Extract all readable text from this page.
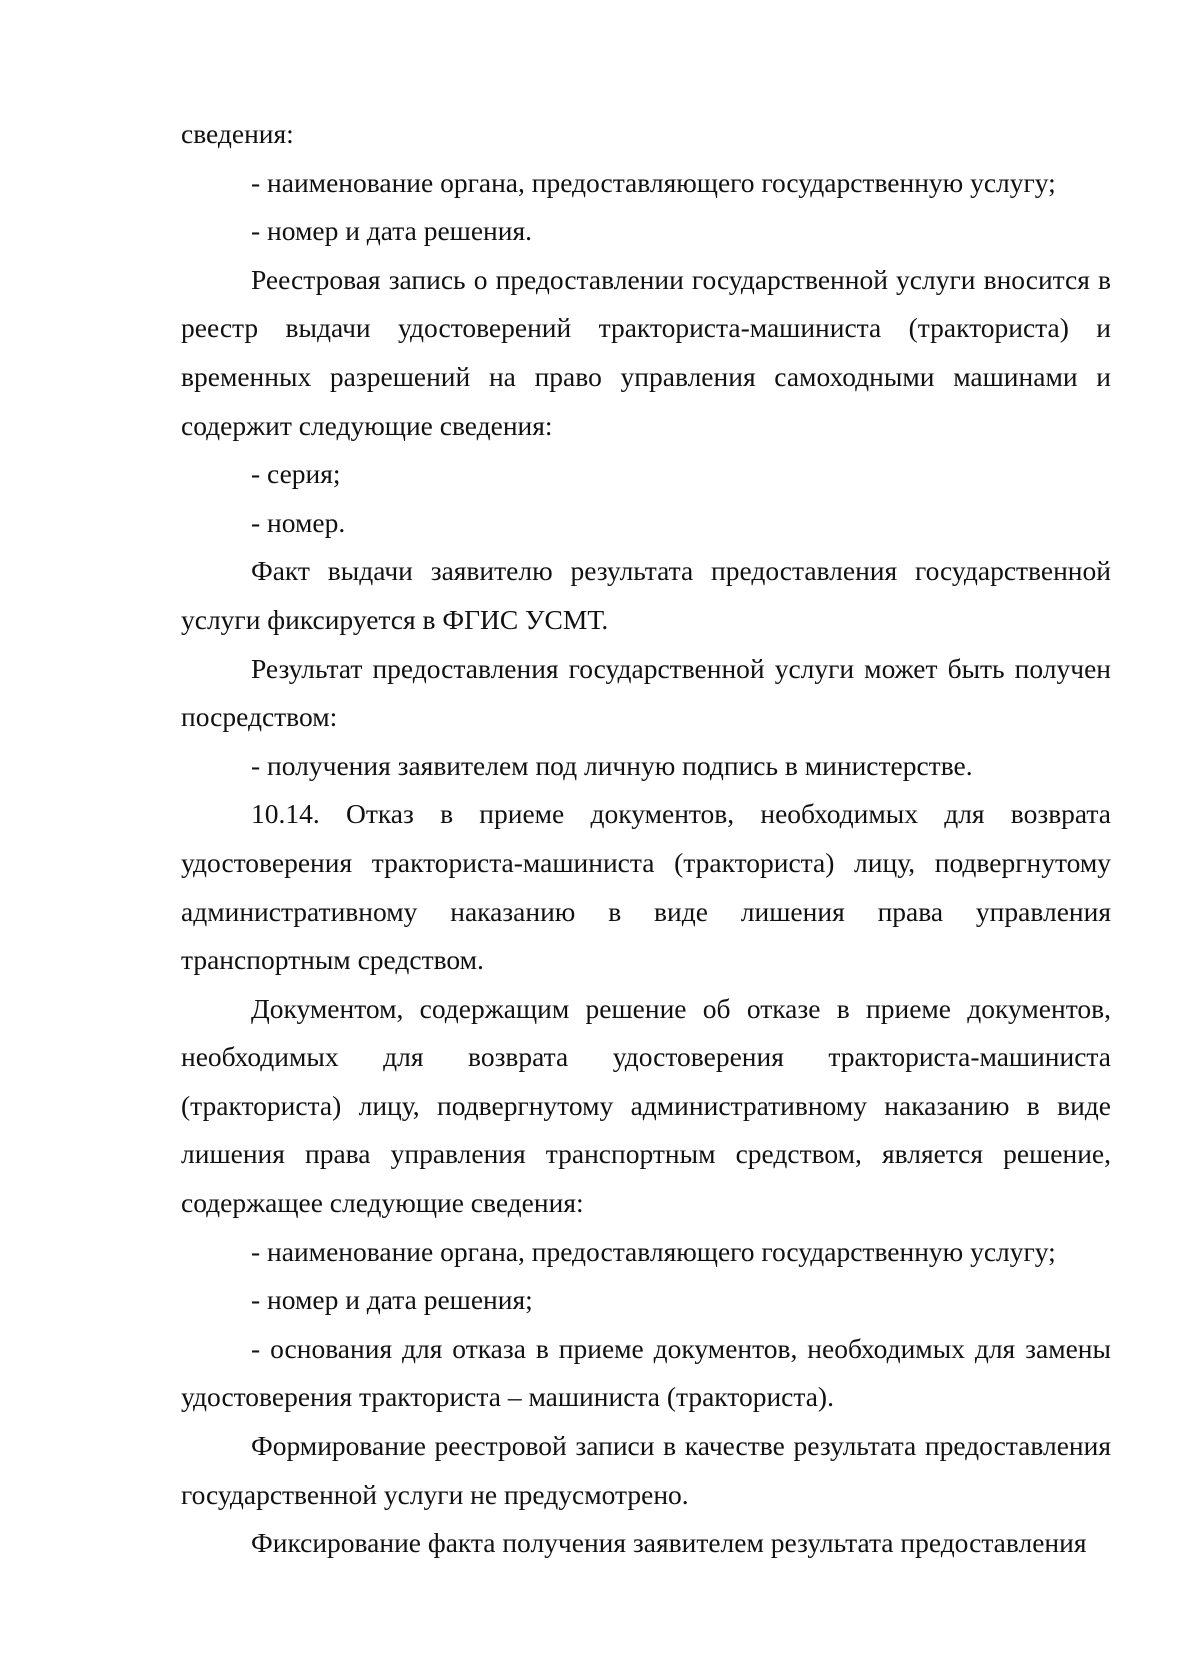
сведения:

- наименование органа, предоставляющего государственную услугу;

- номер и дата решения.

Реестровая запись о предоставлении государственной услуги вносится в реестр выдачи удостоверений тракториста-машиниста (тракториста) и временных разрешений на право управления самоходными машинами и содержит следующие сведения:

- серия;

- номер.

Факт выдачи заявителю результата предоставления государственной услуги фиксируется в ФГИС УСМТ.

Результат предоставления государственной услуги может быть получен посредством:

- получения заявителем под личную подпись в министерстве.

10.14. Отказ в приеме документов, необходимых для возврата удостоверения тракториста-машиниста (тракториста) лицу, подвергнутому административному наказанию в виде лишения права управления транспортным средством.

Документом, содержащим решение об отказе в приеме документов, необходимых для возврата удостоверения тракториста-машиниста (тракториста) лицу, подвергнутому административному наказанию в виде лишения права управления транспортным средством, является решение, содержащее следующие сведения:

- наименование органа, предоставляющего государственную услугу;

- номер и дата решения;

- основания для отказа в приеме документов, необходимых для замены удостоверения тракториста – машиниста (тракториста).

Формирование реестровой записи в качестве результата предоставления государственной услуги не предусмотрено.

Фиксирование факта получения заявителем результата предоставления
